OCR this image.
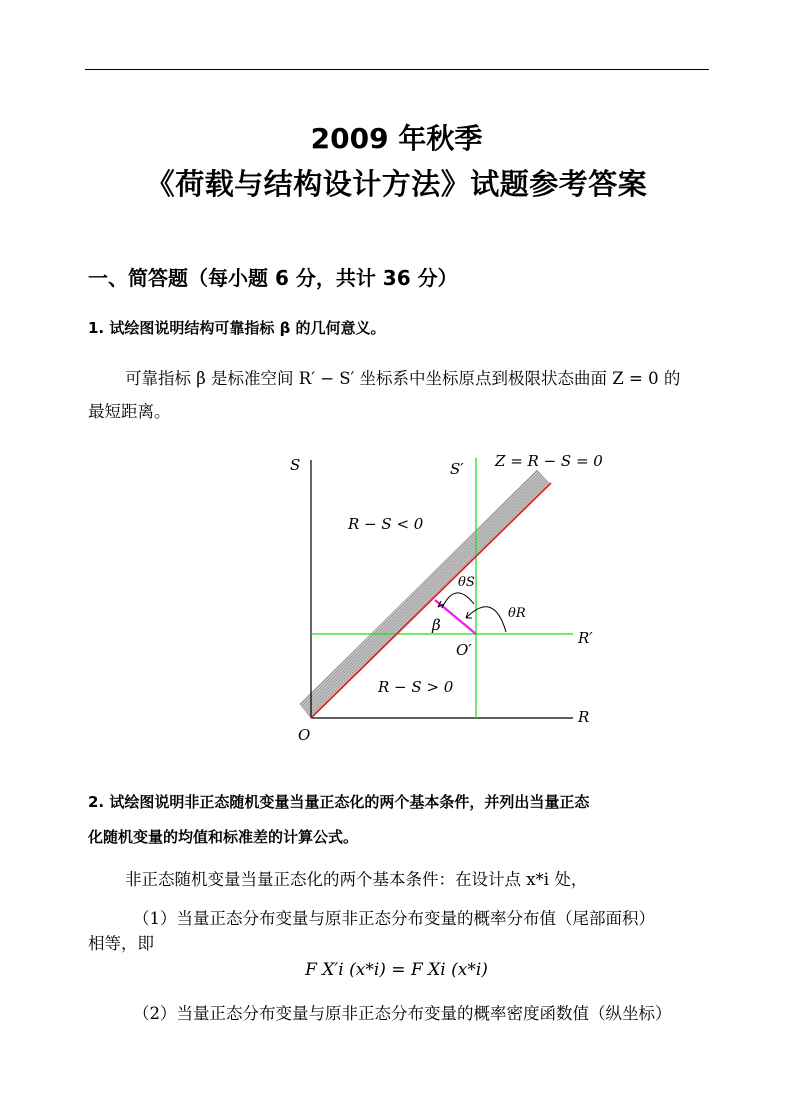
2009 年秋季
《荷载与结构设计方法》试题参考答案
一、简答题（每小题 6 分，共计 36 分）
1. 试绘图说明结构可靠指标 β 的几何意义。
可靠指标 β 是标准空间 R′ − S′ 坐标系中坐标原点到极限状态曲面 Z = 0 的
最短距离。
S	S′ Z = R − S = 0
R − S < 0
R − S > 0
θS
θR
β
O′
R′
R
O
2. 试绘图说明非正态随机变量当量正态化的两个基本条件，并列出当量正态
化随机变量的均值和标准差的计算公式。
非正态随机变量当量正态化的两个基本条件：在设计点 x*i 处，
（1）当量正态分布变量与原非正态分布变量的概率分布值（尾部面积）
相等，即
F X′i (x*i) = F Xi (x*i)
（2）当量正态分布变量与原非正态分布变量的概率密度函数值（纵坐标）
